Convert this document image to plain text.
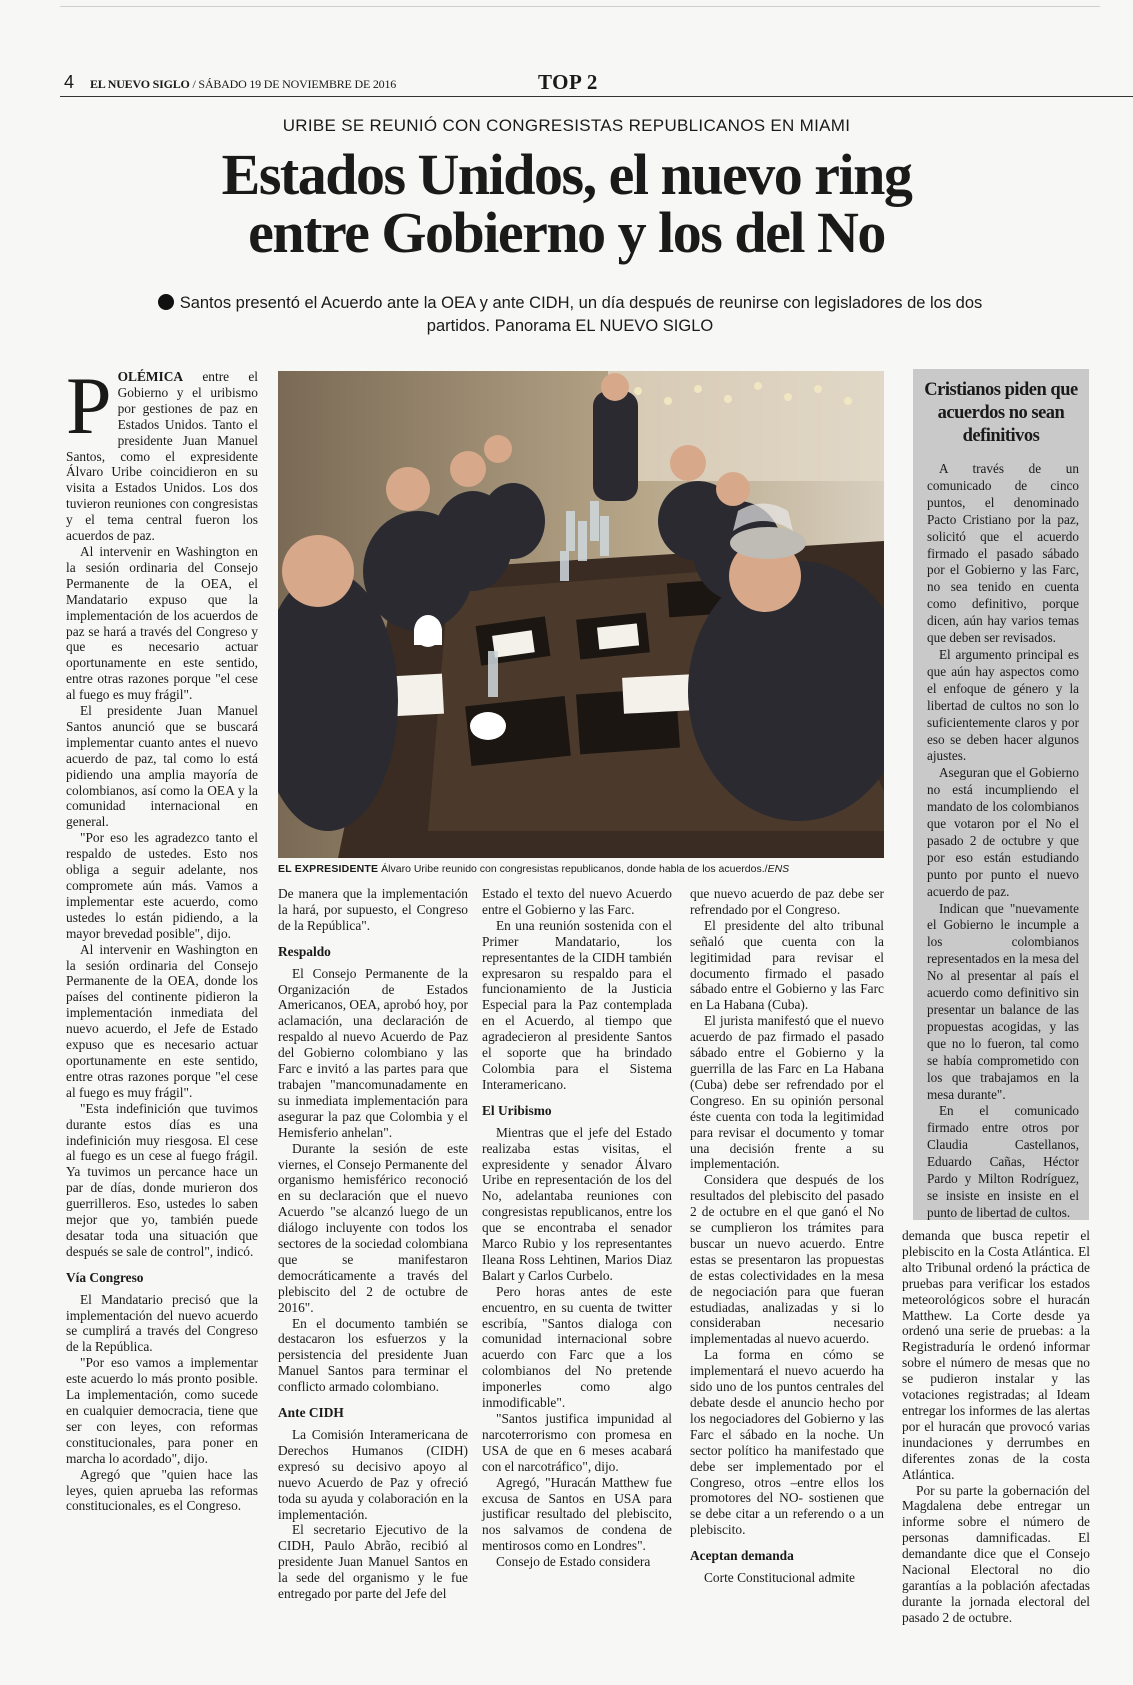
4 EL NUEVO SIGLO / SÁBADO 19 DE NOVIEMBRE DE 2016	TOP 2
URIBE SE REUNIÓ CON CONGRESISTAS REPUBLICANOS EN MIAMI
Estados Unidos, el nuevo ring
entre Gobierno y los del No
Santos presentó el Acuerdo ante la OEA y ante CIDH, un día después de reunirse con legisladores de los dos partidos. Panorama EL NUEVO SIGLO

POLÉMICA entre el Gobierno y el uribismo por gestiones de paz en Estados Unidos. Tanto el presidente Juan Manuel Santos, como el expresidente Álvaro Uribe coincidieron en su visita a Estados Unidos. Los dos tuvieron reuniones con congresistas y el tema central fueron los acuerdos de paz.

Al intervenir en Washington en la sesión ordinaria del Consejo Permanente de la OEA, el Mandatario expuso que la implementación de los acuerdos de paz se hará a través del Congreso y que es necesario actuar oportunamente en este sentido, entre otras razones porque "el cese al fuego es muy frágil".

El presidente Juan Manuel Santos anunció que se buscará implementar cuanto antes el nuevo acuerdo de paz, tal como lo está pidiendo una amplia mayoría de colombianos, así como la OEA y la comunidad internacional en general.

"Por eso les agradezco tanto el respaldo de ustedes. Esto nos obliga a seguir adelante, nos compromete aún más. Vamos a implementar este acuerdo, como ustedes lo están pidiendo, a la mayor brevedad posible", dijo.

Al intervenir en Washington en la sesión ordinaria del Consejo Permanente de la OEA, donde los países del continente pidieron la implementación inmediata del nuevo acuerdo, el Jefe de Estado expuso que es necesario actuar oportunamente en este sentido, entre otras razones porque "el cese al fuego es muy frágil".

"Esta indefinición que tuvimos durante estos días es una indefinición muy riesgosa. El cese al fuego es un cese al fuego frágil. Ya tuvimos un percance hace un par de días, donde murieron dos guerrilleros. Eso, ustedes lo saben mejor que yo, también puede desatar toda una situación que después se sale de control", indicó.

Vía Congreso

El Mandatario precisó que la implementación del nuevo acuerdo se cumplirá a través del Congreso de la República.

"Por eso vamos a implementar este acuerdo lo más pronto posible. La implementación, como sucede en cualquier democracia, tiene que ser con leyes, con reformas constitucionales, para poner en marcha lo acordado", dijo.

Agregó que "quien hace las leyes, quien aprueba las reformas constitucionales, es el Congreso.

EL EXPRESIDENTE Álvaro Uribe reunido con congresistas republicanos, donde habla de los acuerdos./ENS

De manera que la implementación la hará, por supuesto, el Congreso de la República".

Respaldo

El Consejo Permanente de la Organización de Estados Americanos, OEA, aprobó hoy, por aclamación, una declaración de respaldo al nuevo Acuerdo de Paz del Gobierno colombiano y las Farc e invitó a las partes para que trabajen "mancomunadamente en su inmediata implementación para asegurar la paz que Colombia y el Hemisferio anhelan".

Durante la sesión de este viernes, el Consejo Permanente del organismo hemisférico reconoció en su declaración que el nuevo Acuerdo "se alcanzó luego de un diálogo incluyente con todos los sectores de la sociedad colombiana que se manifestaron democráticamente a través del plebiscito del 2 de octubre de 2016".

En el documento también se destacaron los esfuerzos y la persistencia del presidente Juan Manuel Santos para terminar el conflicto armado colombiano.

Ante CIDH

La Comisión Interamericana de Derechos Humanos (CIDH) expresó su decisivo apoyo al nuevo Acuerdo de Paz y ofreció toda su ayuda y colaboración en la implementación.

El secretario Ejecutivo de la CIDH, Paulo Abrão, recibió al presidente Juan Manuel Santos en la sede del organismo y le fue entregado por parte del Jefe del

Estado el texto del nuevo Acuerdo entre el Gobierno y las Farc.

En una reunión sostenida con el Primer Mandatario, los representantes de la CIDH también expresaron su respaldo para el funcionamiento de la Justicia Especial para la Paz contemplada en el Acuerdo, al tiempo que agradecieron al presidente Santos el soporte que ha brindado Colombia para el Sistema Interamericano.

El Uribismo

Mientras que el jefe del Estado realizaba estas visitas, el expresidente y senador Álvaro Uribe en representación de los del No, adelantaba reuniones con congresistas republicanos, entre los que se encontraba el senador Marco Rubio y los representantes Ileana Ross Lehtinen, Marios Diaz Balart y Carlos Curbelo.

Pero horas antes de este encuentro, en su cuenta de twitter escribía, "Santos dialoga con comunidad internacional sobre acuerdo con Farc que a los colombianos del No pretende imponerles como algo inmodificable".

"Santos justifica impunidad al narcoterrorismo con promesa en USA de que en 6 meses acabará con el narcotráfico", dijo.

Agregó, "Huracán Matthew fue excusa de Santos en USA para justificar resultado del plebiscito, nos salvamos de condena de mentirosos como en Londres".

Consejo de Estado considera

que nuevo acuerdo de paz debe ser refrendado por el Congreso.

El presidente del alto tribunal señaló que cuenta con la legitimidad para revisar el documento firmado el pasado sábado entre el Gobierno y las Farc en La Habana (Cuba).

El jurista manifestó que el nuevo acuerdo de paz firmado el pasado sábado entre el Gobierno y la guerrilla de las Farc en La Habana (Cuba) debe ser refrendado por el Congreso. En su opinión personal éste cuenta con toda la legitimidad para revisar el documento y tomar una decisión frente a su implementación.

Considera que después de los resultados del plebiscito del pasado 2 de octubre en el que ganó el No se cumplieron los trámites para buscar un nuevo acuerdo. Entre estas se presentaron las propuestas de estas colectividades en la mesa de negociación para que fueran estudiadas, analizadas y si lo consideraban necesario implementadas al nuevo acuerdo.

La forma en cómo se implementará el nuevo acuerdo ha sido uno de los puntos centrales del debate desde el anuncio hecho por los negociadores del Gobierno y las Farc el sábado en la noche. Un sector político ha manifestado que debe ser implementado por el Congreso, otros –entre ellos los promotores del NO- sostienen que se debe citar a un referendo o a un plebiscito.

Aceptan demanda

Corte Constitucional admite

Cristianos piden que acuerdos no sean definitivos

A través de un comunicado de cinco puntos, el denominado Pacto Cristiano por la paz, solicitó que el acuerdo firmado el pasado sábado por el Gobierno y las Farc, no sea tenido en cuenta como definitivo, porque dicen, aún hay varios temas que deben ser revisados.

El argumento principal es que aún hay aspectos como el enfoque de género y la libertad de cultos no son lo suficientemente claros y por eso se deben hacer algunos ajustes.

Aseguran que el Gobierno no está incumpliendo el mandato de los colombianos que votaron por el No el pasado 2 de octubre y que por eso están estudiando punto por punto el nuevo acuerdo de paz.

Indican que "nuevamente el Gobierno le incumple a los colombianos representados en la mesa del No al presentar al país el acuerdo como definitivo sin presentar un balance de las propuestas acogidas, y las que no lo fueron, tal como se había comprometido con los que trabajamos en la mesa durante".

En el comunicado firmado entre otros por Claudia Castellanos, Eduardo Cañas, Héctor Pardo y Milton Rodríguez, se insiste en insiste en el punto de libertad de cultos.

demanda que busca repetir el plebiscito en la Costa Atlántica. El alto Tribunal ordenó la práctica de pruebas para verificar los estados meteorológicos sobre el huracán Matthew. La Corte desde ya ordenó una serie de pruebas: a la Registraduría le ordenó informar sobre el número de mesas que no se pudieron instalar y las votaciones registradas; al Ideam entregar los informes de las alertas por el huracán que provocó varias inundaciones y derrumbes en diferentes zonas de la costa Atlántica.

Por su parte la gobernación del Magdalena debe entregar un informe sobre el número de personas damnificadas. El demandante dice que el Consejo Nacional Electoral no dio garantías a la población afectadas durante la jornada electoral del pasado 2 de octubre.
